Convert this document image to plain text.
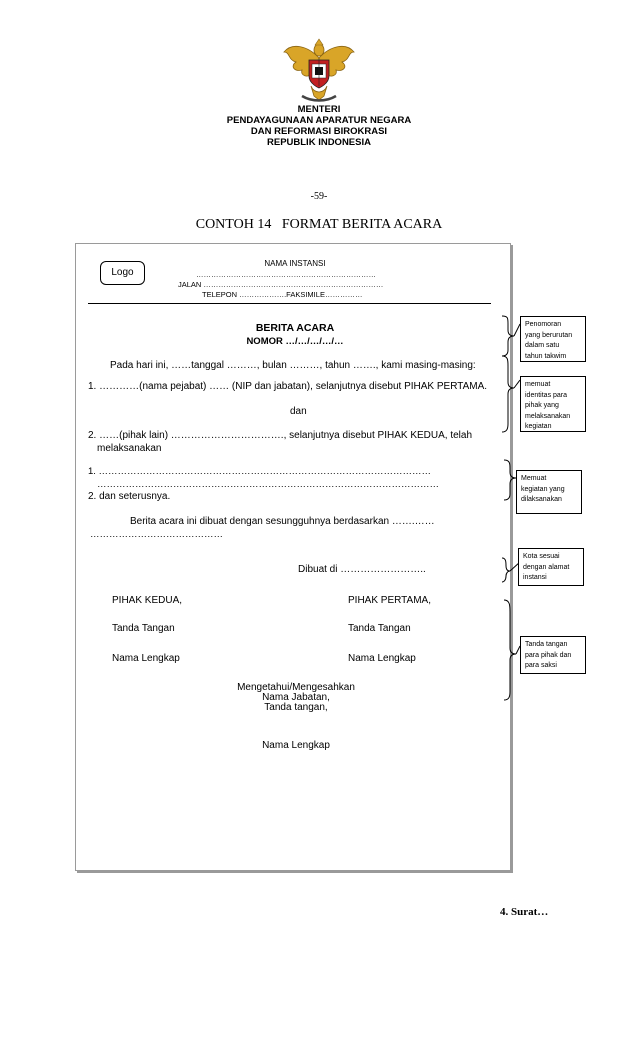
MENTERI
PENDAYAGUNAAN APARATUR NEGARA
DAN REFORMASI BIROKRASI
REPUBLIK INDONESIA
-59-
CONTOH 14   FORMAT BERITA ACARA
Logo
NAMA INSTANSI
………………………………………………………………
JALAN ………………………………………………………………
TELEPON ……………….FAKSIMILE……………
BERITA ACARA
NOMOR …/…/…/…/…
Pada hari ini, ……tanggal ………, bulan ………, tahun ……., kami masing-masing:
1. …………(nama pejabat) …… (NIP dan jabatan), selanjutnya disebut PIHAK PERTAMA.
dan
2. ……(pihak lain) ……………………………., selanjutnya disebut PIHAK KEDUA, telah
melaksanakan
1. ……………………………………………………………………………………………
………………………………………………………………………………………………
2. dan seterusnya.
Berita acara ini dibuat dengan sesungguhnya berdasarkan …….……
……………………………………
Dibuat di ……………………..
PIHAK KEDUA,	PIHAK PERTAMA,
Tanda Tangan	Tanda Tangan
Nama Lengkap	Nama Lengkap
Mengetahui/Mengesahkan
Nama Jabatan,
Tanda tangan,
Nama Lengkap
Penomoran
yang berurutan
dalam satu
tahun takwim
memuat
identitas para
pihak yang
melaksanakan
kegiatan
Memuat
kegiatan yang
dilaksanakan
Kota sesuai
dengan alamat
instansi
Tanda tangan
para pihak dan
para saksi
4. Surat…
